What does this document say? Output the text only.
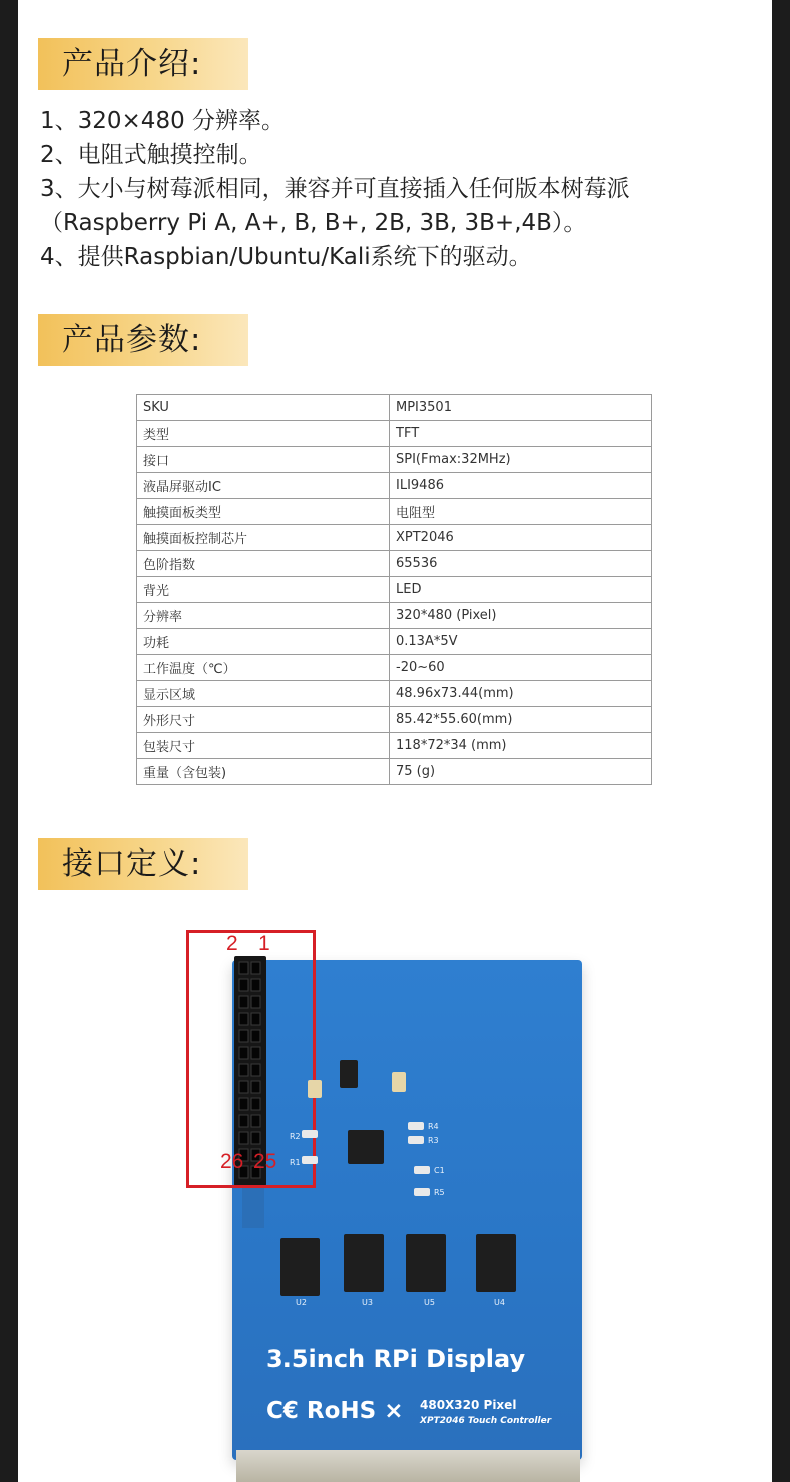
产品介绍:
1、320×480 分辨率。
2、电阻式触摸控制。
3、大小与树莓派相同，兼容并可直接插入任何版本树莓派
（Raspberry Pi A, A+, B, B+, 2B, 3B, 3B+,4B）。
4、提供Raspbian/Ubuntu/Kali系统下的驱动。
产品参数:
SKU	MPI3501
类型	TFT
接口	SPI(Fmax:32MHz)
液晶屏驱动IC	ILI9486
触摸面板类型	电阻型
触摸面板控制芯片	XPT2046
色阶指数	65536
背光	LED
分辨率	320*480 (Pixel)
功耗	0.13A*5V
工作温度（℃）	-20~60
显示区域	48.96x73.44(mm)
外形尺寸	85.42*55.60(mm)
包装尺寸	118*72*34 (mm)
重量（含包装)	75 (g)
接口定义:
2 1
26 25
R2
R1
R4
R3
C1
R5
U2	U3	U5	U4
3.5inch RPi Display
C€ RoHS ⨯ 480X320 Pixel
XPT2046 Touch Controller
